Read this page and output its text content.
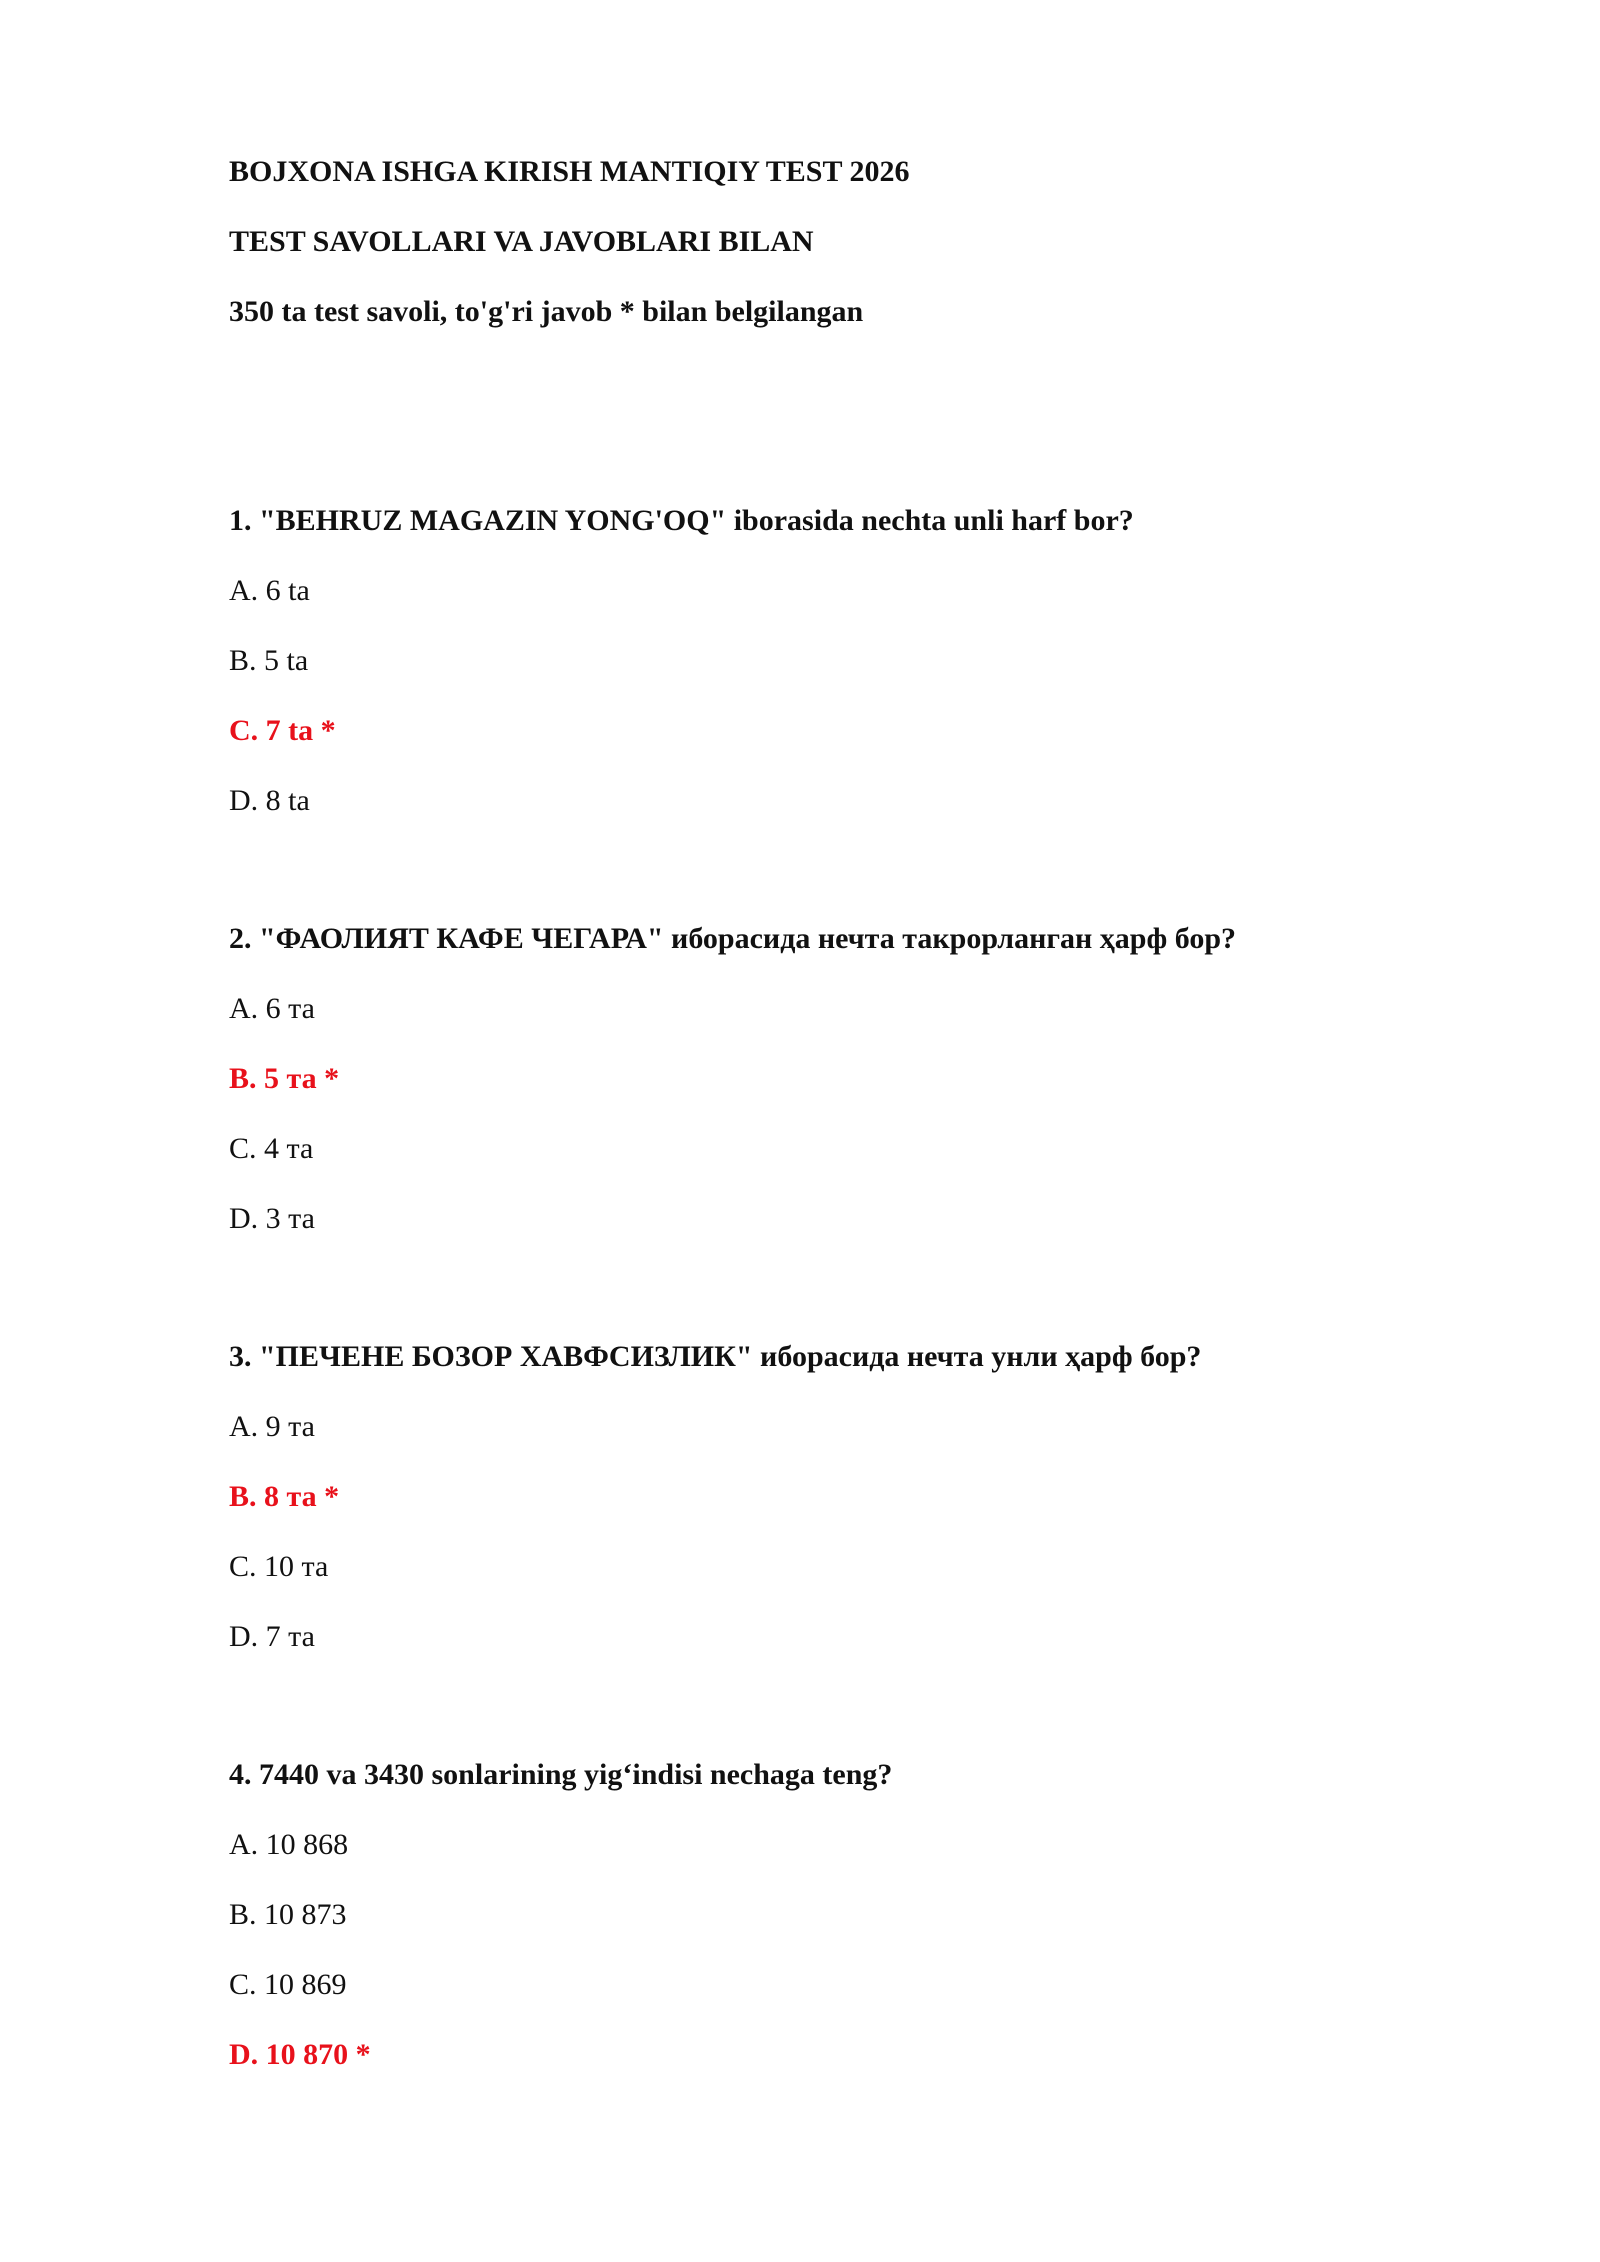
BOJXONA ISHGA KIRISH MANTIQIY TEST 2026
TEST SAVOLLARI VA JAVOBLARI BILAN
350 ta test savoli, to'g'ri javob * bilan belgilangan
1. "BEHRUZ MAGAZIN YONG'OQ" iborasida nechta unli harf bor?
A. 6 ta
B. 5 ta
C. 7 ta *
D. 8 ta
2. "ФАОЛИЯТ КАФЕ ЧЕГАРА" иборасида нечта такрорланган ҳарф бор?
A. 6 та
B. 5 та *
C. 4 та
D. 3 та
3. "ПЕЧЕНЕ БОЗОР ХАВФСИЗЛИК" иборасида нечта унли ҳарф бор?
A. 9 та
B. 8 та *
C. 10 та
D. 7 та
4. 7440 va 3430 sonlarining yig‘indisi nechaga teng?
A. 10 868
B. 10 873
C. 10 869
D. 10 870 *
